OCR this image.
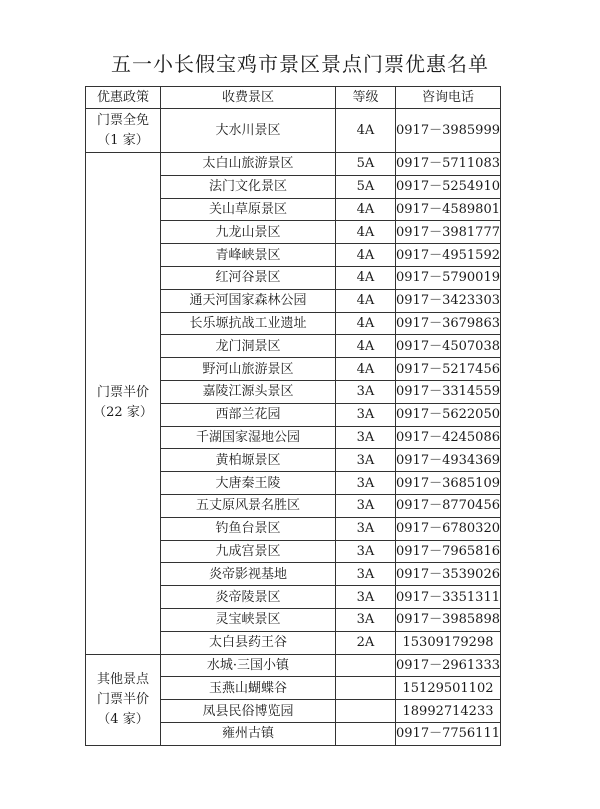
五一小长假宝鸡市景区景点门票优惠名单
优惠政策	收费景区	等级	咨询电话

门票全免
（1 家）	大水川景区	4A	0917－3985999

门票半价
（22 家）	太白山旅游景区	5A	0917－5711083
	法门文化景区	5A	0917－5254910
	关山草原景区	4A	0917－4589801
	九龙山景区	4A	0917－3981777
	青峰峡景区	4A	0917－4951592
	红河谷景区	4A	0917－5790019
	通天河国家森林公园	4A	0917－3423303
	长乐塬抗战工业遗址	4A	0917－3679863
	龙门洞景区	4A	0917－4507038
	野河山旅游景区	4A	0917－5217456
	嘉陵江源头景区	3A	0917－3314559
	西部兰花园	3A	0917－5622050
	千湖国家湿地公园	3A	0917－4245086
	黄柏塬景区	3A	0917－4934369
	大唐秦王陵	3A	0917－3685109
	五丈原风景名胜区	3A	0917－8770456
	钓鱼台景区	3A	0917－6780320
	九成宫景区	3A	0917－7965816
	炎帝影视基地	3A	0917－3539026
	炎帝陵景区	3A	0917－3351311
	灵宝峡景区	3A	0917－3985898
	太白县药王谷	2A	15309179298

其他景点
门票半价
（4 家）	水城·三国小镇		0917－2961333
	玉燕山蝴蝶谷		15129501102
	凤县民俗博览园		18992714233
	雍州古镇		0917－7756111
